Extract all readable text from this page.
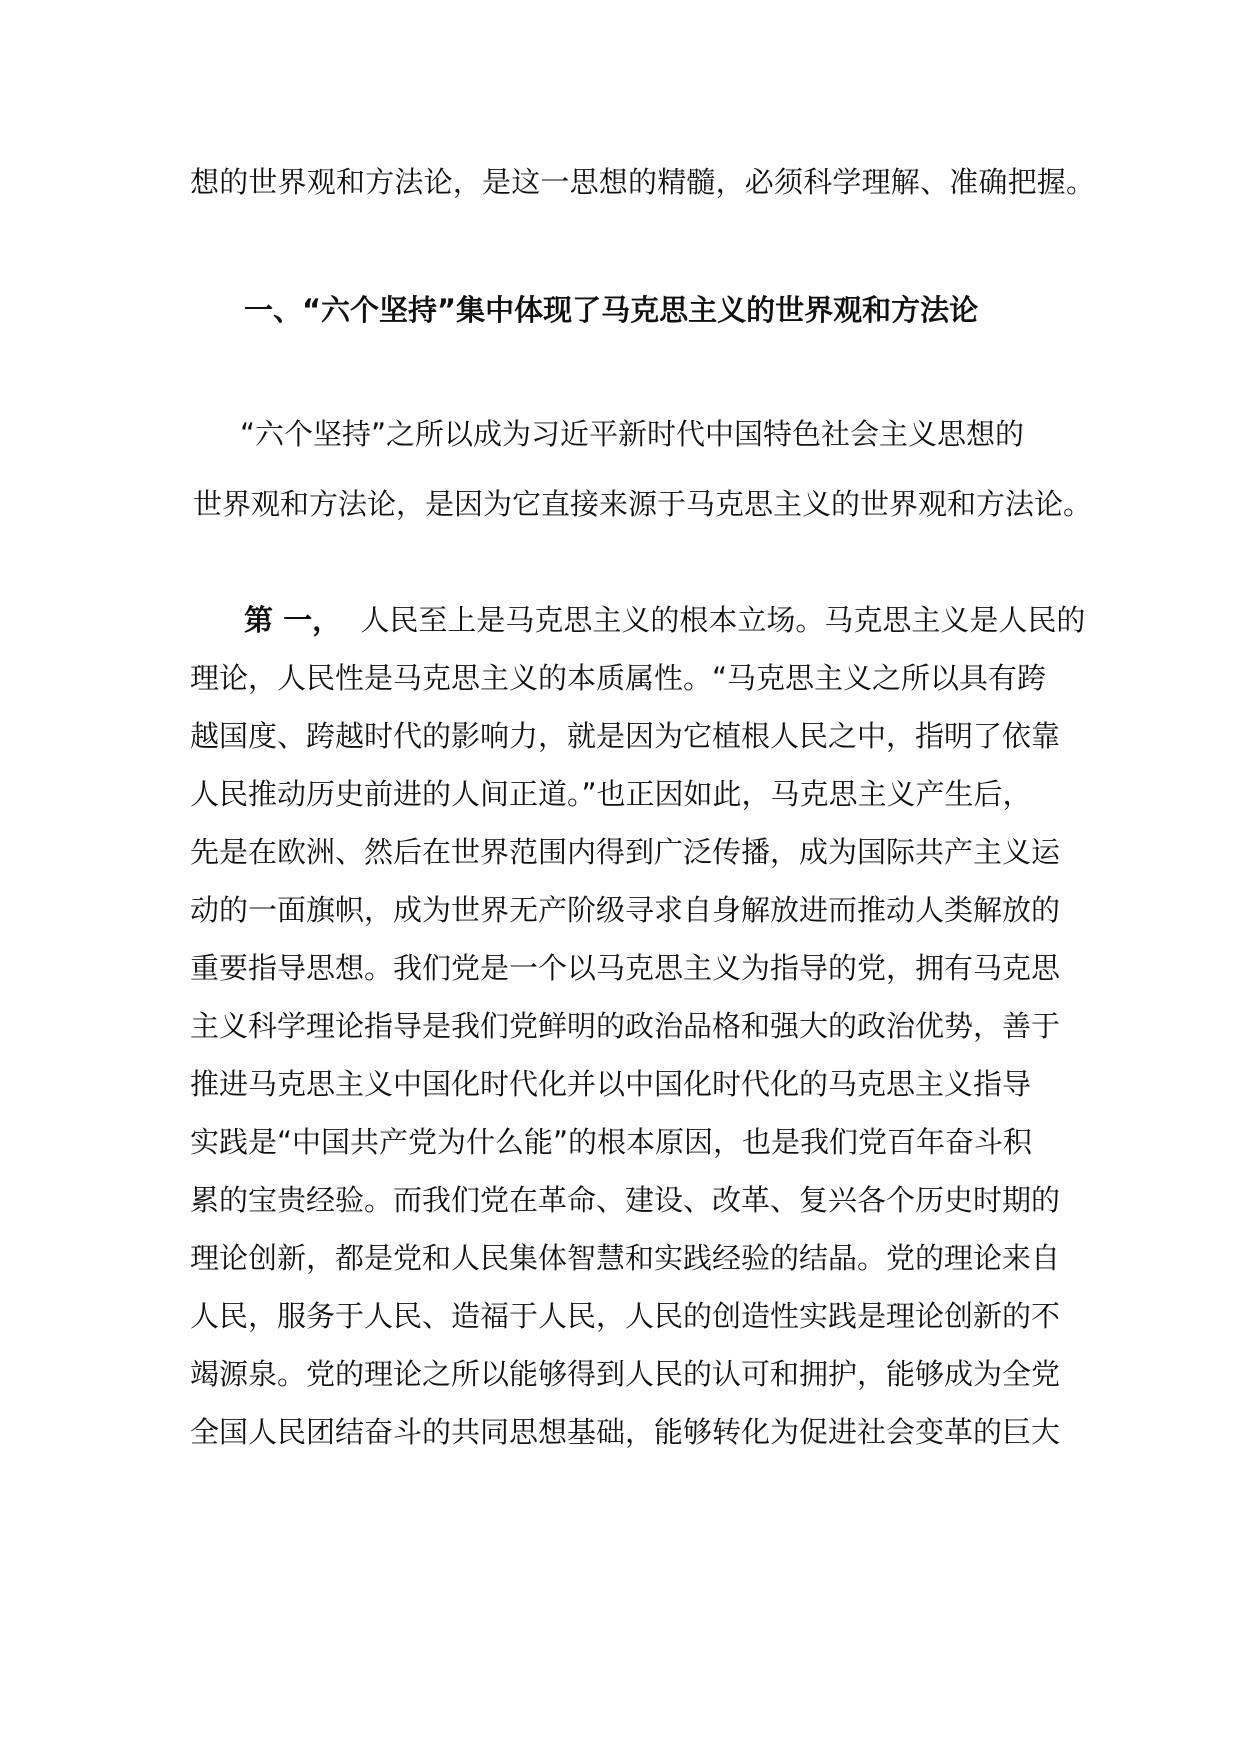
想的世界观和方法论，是这一思想的精髓，必须科学理解、准确把握。

一、“六个坚持”集中体现了马克思主义的世界观和方法论

“六个坚持”之所以成为习近平新时代中国特色社会主义思想的

世界观和方法论，是因为它直接来源于马克思主义的世界观和方法论。

第 一， 人民至上是马克思主义的根本立场。马克思主义是人民的

理论，人民性是马克思主义的本质属性。“马克思主义之所以具有跨

越国度、跨越时代的影响力，就是因为它植根人民之中，指明了依靠

人民推动历史前进的人间正道。”也正因如此，马克思主义产生后，

先是在欧洲、然后在世界范围内得到广泛传播，成为国际共产主义运

动的一面旗帜，成为世界无产阶级寻求自身解放进而推动人类解放的

重要指导思想。我们党是一个以马克思主义为指导的党，拥有马克思

主义科学理论指导是我们党鲜明的政治品格和强大的政治优势，善于

推进马克思主义中国化时代化并以中国化时代化的马克思主义指导

实践是“中国共产党为什么能”的根本原因，也是我们党百年奋斗积

累的宝贵经验。而我们党在革命、建设、改革、复兴各个历史时期的

理论创新，都是党和人民集体智慧和实践经验的结晶。党的理论来自

人民，服务于人民、造福于人民，人民的创造性实践是理论创新的不

竭源泉。党的理论之所以能够得到人民的认可和拥护，能够成为全党

全国人民团结奋斗的共同思想基础，能够转化为促进社会变革的巨大
